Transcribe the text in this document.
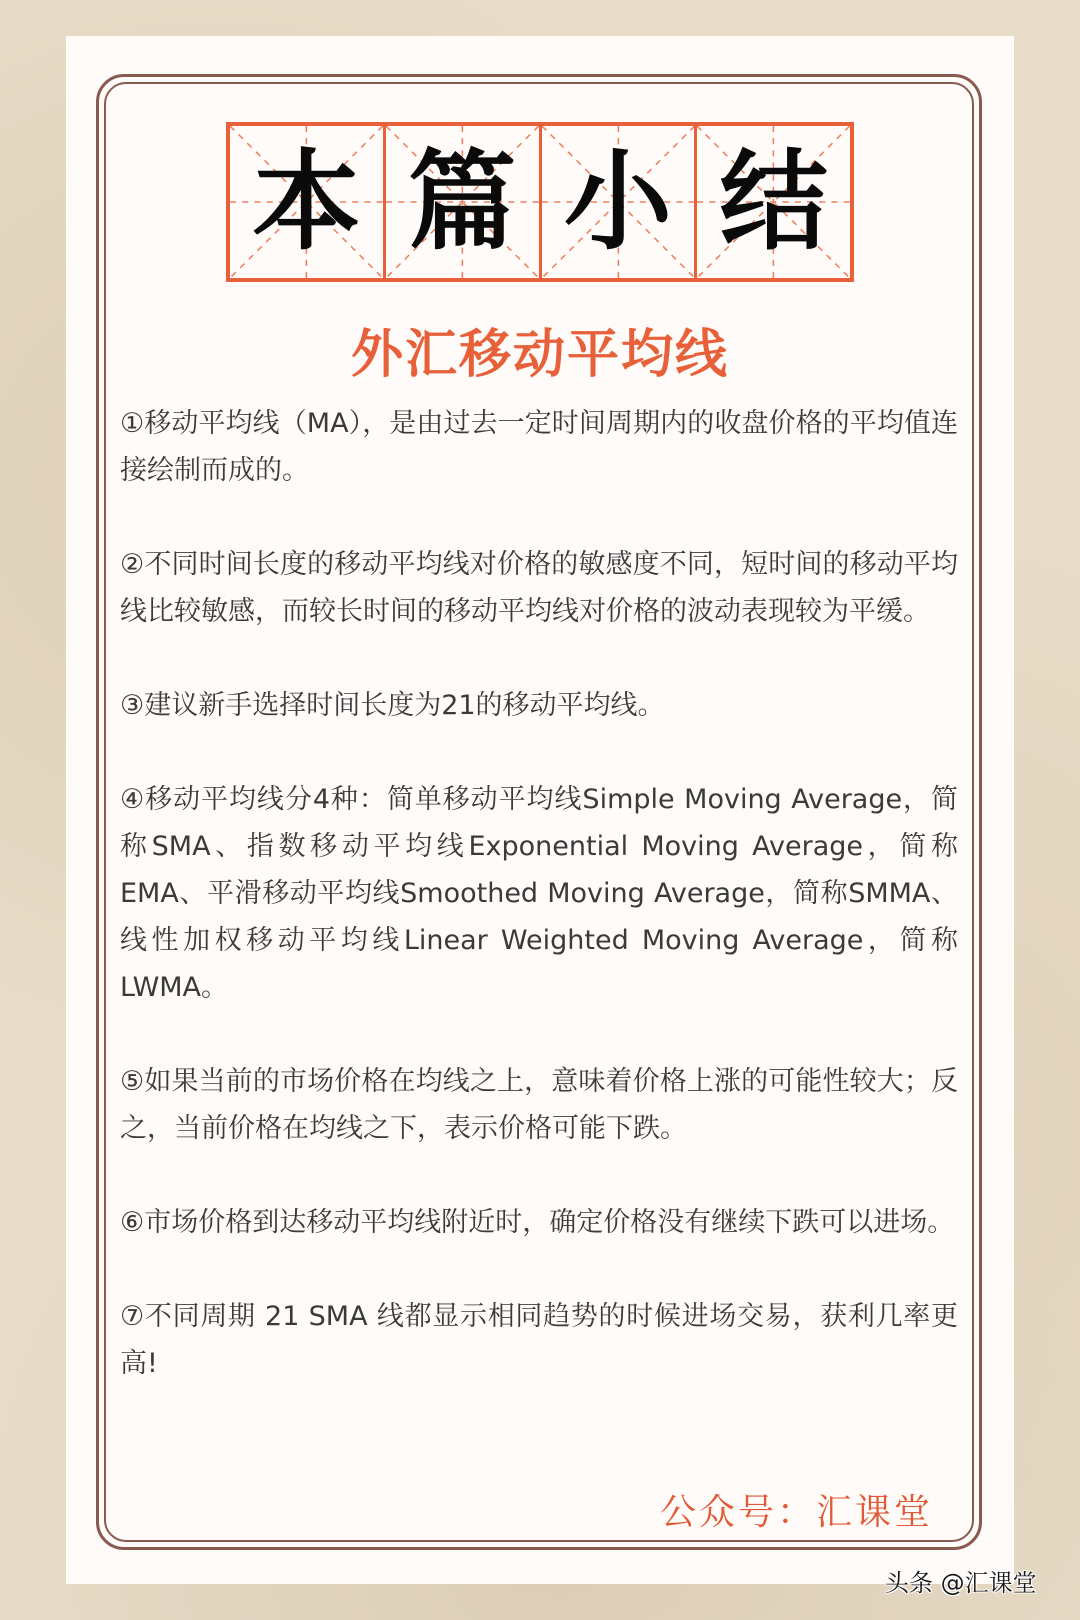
本 篇 小 结
外汇移动平均线

①移动平均线（MA），是由过去一定时间周期内的收盘价格的平均值连接绘制而成的。

②不同时间长度的移动平均线对价格的敏感度不同，短时间的移动平均线比较敏感，而较长时间的移动平均线对价格的波动表现较为平缓。

③建议新手选择时间长度为21的移动平均线。

④移动平均线分4种：简单移动平均线Simple Moving Average，简称SMA、指数移动平均线Exponential Moving Average，简称EMA、平滑移动平均线Smoothed Moving Average，简称SMMA、线性加权移动平均线Linear Weighted Moving Average，简称LWMA。

⑤如果当前的市场价格在均线之上，意味着价格上涨的可能性较大；反之，当前价格在均线之下，表示价格可能下跌。

⑥市场价格到达移动平均线附近时，确定价格没有继续下跌可以进场。

⑦不同周期 21 SMA 线都显示相同趋势的时候进场交易，获利几率更高!

公众号：汇课堂
头条 @汇课堂
